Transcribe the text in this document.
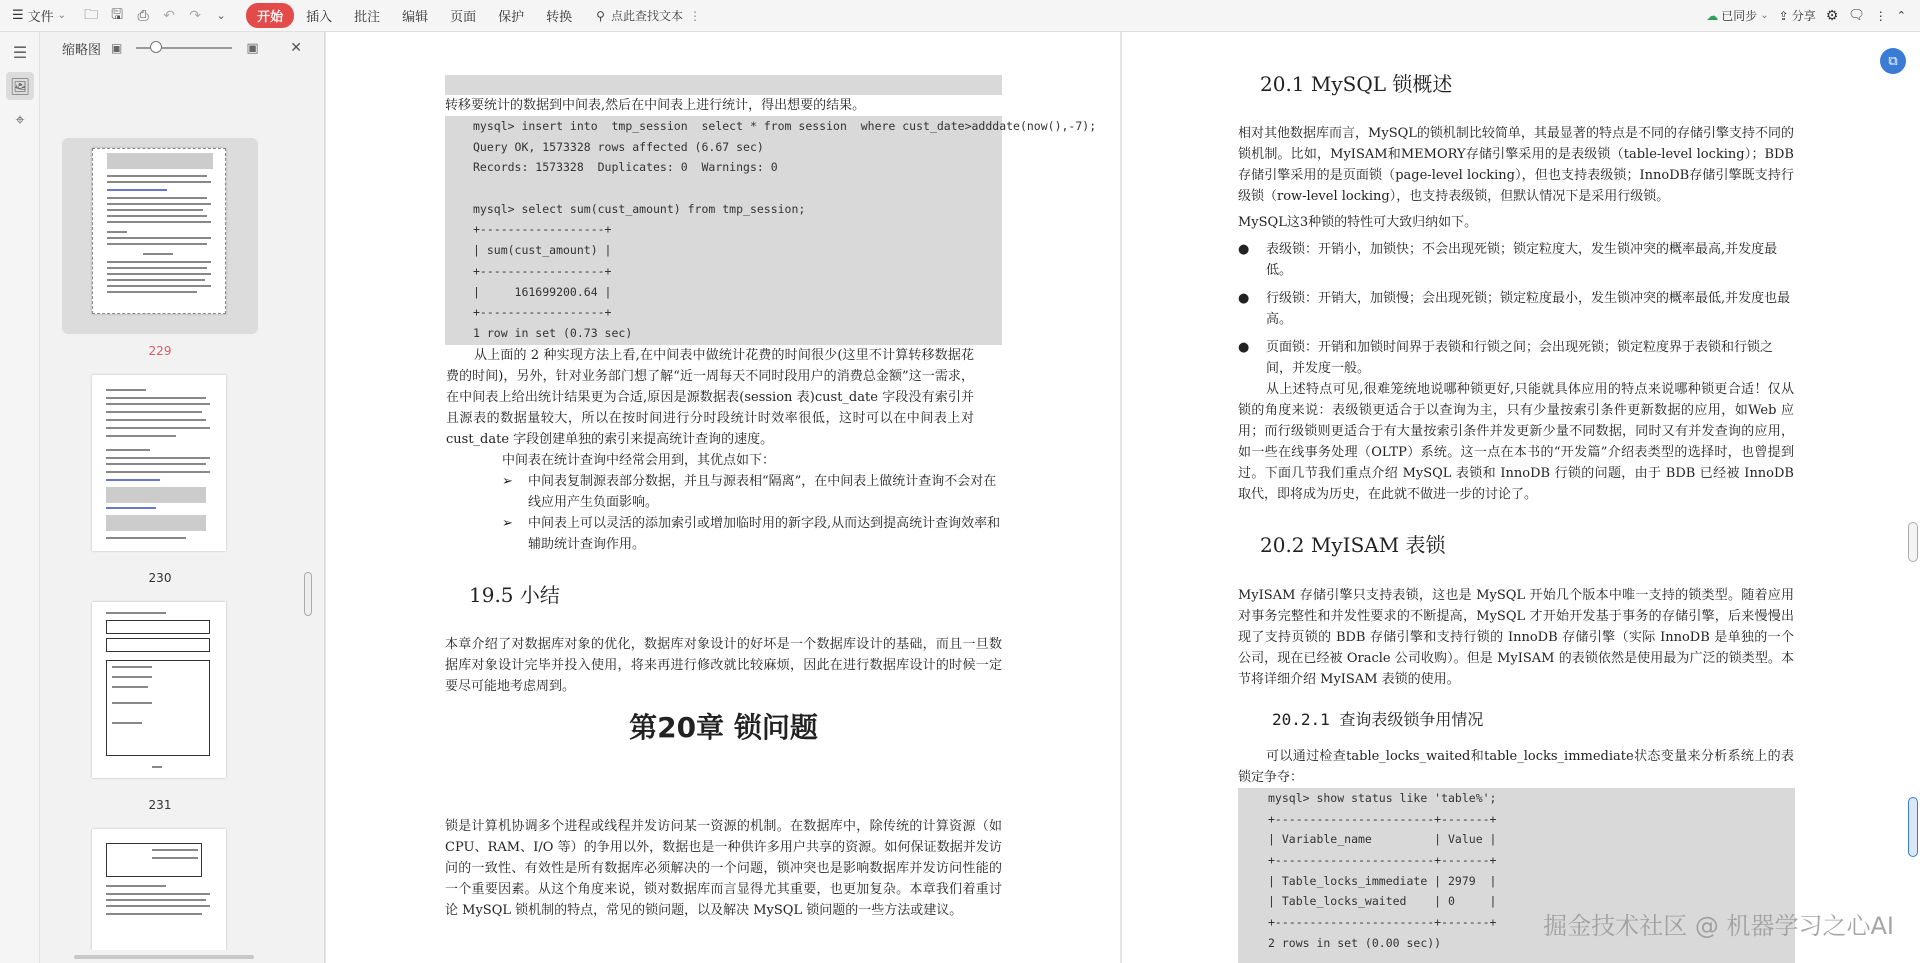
☰ 文件 ⌄ 🗀 🖫	⎙	↶	↷	⌄	开始	插入	批注	编辑	页面	保护	转换	⚲ 点此查找文本 ⋮	☁ 已同步 ⌄ ⇪ 分享 ⚙ 🗨 ⋮ ⌃
☰
🖼
⌖
缩略图 ▣	▣ ✕
229
230
231
转移要统计的数据到中间表,然后在中间表上进行统计，得出想要的结果。
mysql> insert into  tmp_session  select * from session  where cust_date>adddate(now(),-7);
Query OK, 1573328 rows affected (6.67 sec)
Records: 1573328  Duplicates: 0  Warnings: 0
mysql> select sum(cust_amount) from tmp_session;
+------------------+
| sum(cust_amount) |
+------------------+
|     161699200.64 |
+------------------+
1 row in set (0.73 sec)
从上面的 2 种实现方法上看,在中间表中做统计花费的时间很少(这里不计算转移数据花费的时间)，另外，针对业务部门想了解“近一周每天不同时段用户的消费总金额”这一需求，在中间表上给出统计结果更为合适,原因是源数据表(session 表)cust_date 字段没有索引并且源表的数据量较大，所以在按时间进行分时段统计时效率很低，这时可以在中间表上对 cust_date 字段创建单独的索引来提高统计查询的速度。
中间表在统计查询中经常会用到，其优点如下：
➢	中间表复制源表部分数据，并且与源表相“隔离”，在中间表上做统计查询不会对在线应用产生负面影响。
➢	中间表上可以灵活的添加索引或增加临时用的新字段,从而达到提高统计查询效率和辅助统计查询作用。
19.5 小结
本章介绍了对数据库对象的优化，数据库对象设计的好坏是一个数据库设计的基础，而且一旦数据库对象设计完毕并投入使用，将来再进行修改就比较麻烦，因此在进行数据库设计的时候一定要尽可能地考虑周到。
第20章 锁问题
锁是计算机协调多个进程或线程并发访问某一资源的机制。在数据库中，除传统的计算资源（如 CPU、RAM、I/O 等）的争用以外，数据也是一种供许多用户共享的资源。如何保证数据并发访问的一致性、有效性是所有数据库必须解决的一个问题，锁冲突也是影响数据库并发访问性能的一个重要因素。从这个角度来说，锁对数据库而言显得尤其重要，也更加复杂。本章我们着重讨论 MySQL 锁机制的特点，常见的锁问题，以及解决 MySQL 锁问题的一些方法或建议。
20.1 MySQL 锁概述
相对其他数据库而言，MySQL的锁机制比较简单，其最显著的特点是不同的存储引擎支持不同的锁机制。比如，MyISAM和MEMORY存储引擎采用的是表级锁（table-level locking）；BDB存储引擎采用的是页面锁（page-level locking），但也支持表级锁；InnoDB存储引擎既支持行级锁（row-level locking），也支持表级锁，但默认情况下是采用行级锁。
MySQL这3种锁的特性可大致归纳如下。
●	表级锁：开销小，加锁快；不会出现死锁；锁定粒度大，发生锁冲突的概率最高,并发度最低。
●	行级锁：开销大，加锁慢；会出现死锁；锁定粒度最小，发生锁冲突的概率最低,并发度也最高。
●	页面锁：开销和加锁时间界于表锁和行锁之间；会出现死锁；锁定粒度界于表锁和行锁之间，并发度一般。
从上述特点可见,很难笼统地说哪种锁更好,只能就具体应用的特点来说哪种锁更合适！仅从锁的角度来说：表级锁更适合于以查询为主，只有少量按索引条件更新数据的应用，如Web 应用；而行级锁则更适合于有大量按索引条件并发更新少量不同数据，同时又有并发查询的应用，如一些在线事务处理（OLTP）系统。这一点在本书的“开发篇”介绍表类型的选择时，也曾提到过。下面几节我们重点介绍 MySQL 表锁和 InnoDB 行锁的问题，由于 BDB 已经被 InnoDB 取代，即将成为历史，在此就不做进一步的讨论了。
20.2 MyISAM 表锁
MyISAM 存储引擎只支持表锁，这也是 MySQL 开始几个版本中唯一支持的锁类型。随着应用对事务完整性和并发性要求的不断提高，MySQL 才开始开发基于事务的存储引擎，后来慢慢出现了支持页锁的 BDB 存储引擎和支持行锁的 InnoDB 存储引擎（实际 InnoDB 是单独的一个公司，现在已经被 Oracle 公司收购）。但是 MyISAM 的表锁依然是使用最为广泛的锁类型。本节将详细介绍 MyISAM 表锁的使用。
20.2.1 查询表级锁争用情况
可以通过检查table_locks_waited和table_locks_immediate状态变量来分析系统上的表锁定争夺：
mysql> show status like 'table%';
+-----------------------+-------+
| Variable_name         | Value |
+-----------------------+-------+
| Table_locks_immediate | 2979  |
| Table_locks_waited    | 0     |
+-----------------------+-------+
2 rows in set (0.00 sec))
⧉
掘金技术社区 @ 机器学习之心AI
